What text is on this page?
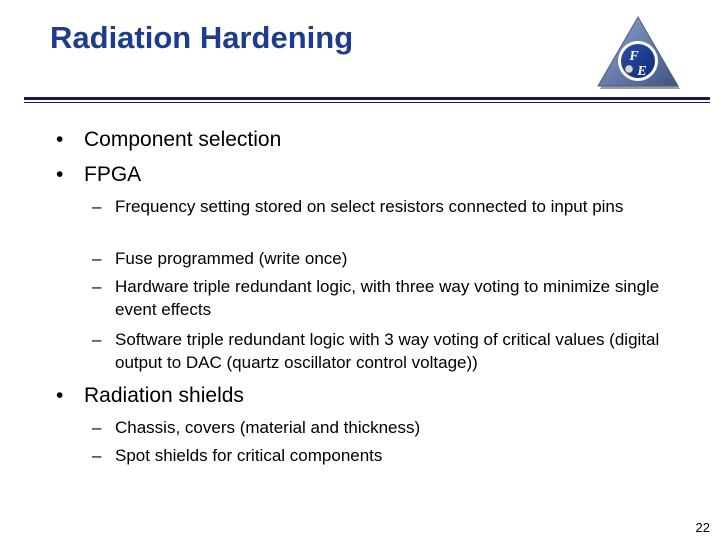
Radiation Hardening
F
E
• Component selection
• FPGA
– Frequency setting stored on select resistors connected to input pins
– Fuse programmed (write once)
– Hardware triple redundant logic, with three way voting to minimize single event effects
– Software triple redundant logic with 3 way voting of critical values (digital output to DAC (quartz oscillator control voltage))
• Radiation shields
– Chassis, covers (material and thickness)
– Spot shields for critical components
22
